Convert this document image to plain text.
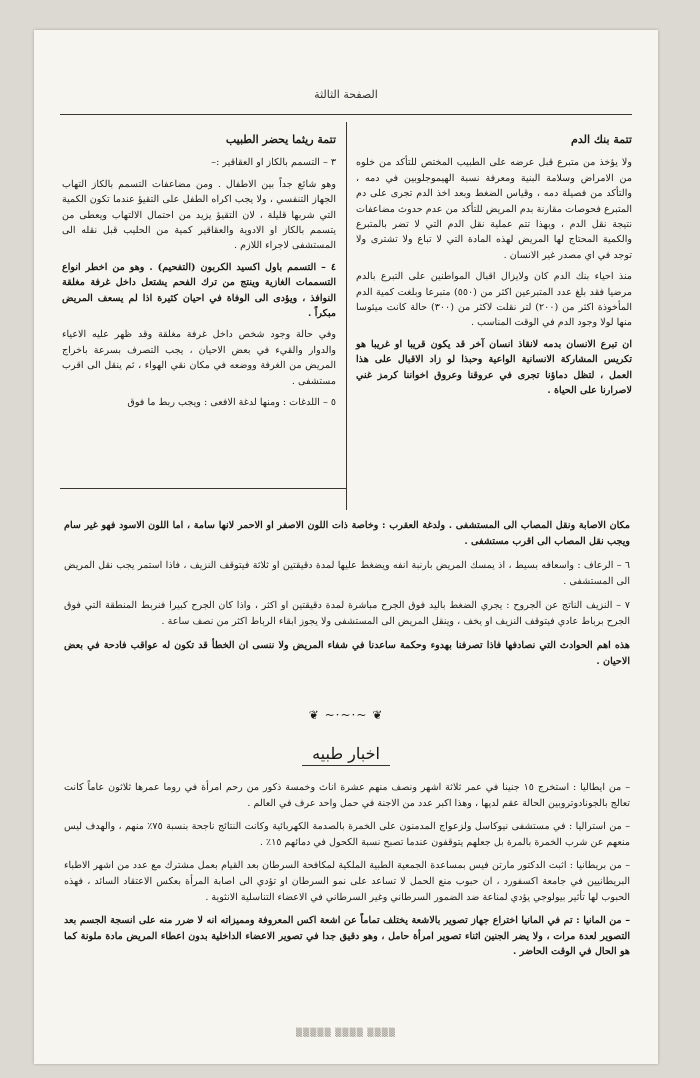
الصفحة الثالثة
تتمة بنك الدم

ولا يؤخذ من متبرع قبل عرضه على الطبيب المختص للتأكد من خلوه من الامراض وسلامة البنية ومعرفة نسبة الهيموجلوبين في دمه ، والتأكد من فصيلة دمه ، وقياس الضغط وبعد اخذ الدم تجرى على دم المتبرع فحوصات مقارنة بدم المريض للتأكد من عدم حدوث مضاعفات نتيجة نقل الدم ، وبهذا تتم عملية نقل الدم التي لا تضر بالمتبرع والكمية المحتاج لها المريض لهذه المادة التي لا تباع ولا تشترى ولا توجد في اي مصدر غير الانسان .

منذ احياء بنك الدم كان ولايزال اقبال المواطنين على التبرع بالدم مرضيا فقد بلغ عدد المتبرعين اكثر من (٥٥٠) متبرعا وبلغت كمية الدم المأخوذة اكثر من (٢٠٠) لتر نقلت لاكثر من (٣٠٠) حالة كانت ميئوسا منها لولا وجود الدم في الوقت المناسب .

ان تبرع الانسان بدمه لانقاذ انسان آخر قد يكون قريبا او غريبا هو تكريس المشاركة الانسانية الواعية وحبذا لو زاد الاقبال على هذا العمل ، لتظل دماؤنا تجرى في عروقنا وعروق اخواننا كرمز غني لاصرارنا على الحياة .

تتمة ريثما يحضر الطبيب

٣ – التسمم بالكاز او العقاقير :–

وهو شائع جداً بين الاطفال . ومن مضاعفات التسمم بالكاز التهاب الجهاز التنفسي ، ولا يجب اكراه الطفل على التقيؤ عندما تكون الكمية التي شربها قليلة ، لان التقيؤ يزيد من احتمال الالتهاب ويعطى من يتسمم بالكاز او الادوية والعقاقير كمية من الحليب قبل نقله الى المستشفى لاجراء اللازم .

٤ – التسمم باول اكسيد الكربون (التفحيم) . وهو من اخطر انواع التسممات الغازية وينتج من ترك الفحم يشتعل داخل غرفة مغلقة النوافذ ، ويؤدى الى الوفاة في احيان كثيرة اذا لم يسعف المريض مبكراً .

وفي حالة وجود شخص داخل غرفة مغلقة وقد ظهر عليه الاعياء والدوار والقيء في بعض الاحيان ، يجب التصرف بسرعة باخراج المريض من الغرفة ووضعه في مكان نقي الهواء ، ثم ينقل الى اقرب مستشفى .

٥ – اللدغات : ومنها لدغة الافعى : ويجب ربط ما فوق

مكان الاصابة ونقل المصاب الى المستشفى . ولدغة العقرب : وخاصة ذات اللون الاصفر او الاحمر لانها سامة ، اما اللون الاسود فهو غير سام ويجب نقل المصاب الى اقرب مستشفى .

٦ – الرعاف : واسعافه بسيط ، اذ يمسك المريض بارنبة انفه ويضغط عليها لمدة دقيقتين او ثلاثة فيتوقف النزيف ، فاذا استمر يجب نقل المريض الى المستشفى .

٧ – النزيف الناتج عن الجروح : يجري الضغط باليد فوق الجرح مباشرة لمدة دقيقتين او اكثر ، واذا كان الجرح كبيرا فنربط المنطقة التي فوق الجرح برباط عادي فيتوقف النزيف او يخف ، وينقل المريض الى المستشفى ولا يجوز ابقاء الرباط اكثر من نصف ساعة .

هذه اهم الحوادث التي نصادفها فاذا تصرفنا بهدوء وحكمة ساعدنا في شفاء المريض ولا ننسى ان الخطأ قد تكون له عواقب فادحة في بعض الاحيان .

❦ ~·~·~ ❦
اخبار طبيه

– من ايطاليا : استخرج ١٥ جنينا في عمر ثلاثة اشهر ونصف منهم عشرة اناث وخمسة ذكور من رحم امرأة في روما عمرها ثلاثون عاماً كانت تعالج بالجونادوتروبين الحالة عقم لديها ، وهذا اكبر عدد من الاجنة في حمل واحد عرف في العالم .

– من استراليا : في مستشفى نيوكاسل ولزعواج المدمنون على الخمرة بالصدمة الكهربائية وكانت النتائج ناجحة بنسبة ٧٥٪ منهم ، والهدف ليس منعهم عن شرب الخمرة بالمرة بل جعلهم يتوقفون عندما تصبح نسبة الكحول في دمائهم ١٥٪ .

– من بريطانيا : اثبت الدكتور مارتن فيس بمساعدة الجمعية الطبية الملكية لمكافحة السرطان بعد القيام بعمل مشترك مع عدد من اشهر الاطباء البريطانيين في جامعة اكسفورد ، ان حبوب منع الحمل لا تساعد على نمو السرطان او تؤدي الى اصابة المرأة بعكس الاعتقاد السائد ، فهذه الحبوب لها تأثير بيولوجي يؤدي لمناعة ضد الضمور السرطاني وغير السرطاني في الاعضاء التناسلية الانثوية .

– من المانيا : تم في المانيا اختراع جهاز تصوير بالاشعة يختلف تماماً عن اشعة اكس المعروفة ومميزاته انه لا ضرر منه على انسجة الجسم بعد التصوير لعدة مرات ، ولا يضر الجنين اثناء تصوير امرأة حامل ، وهو دقيق جدا في تصوير الاعضاء الداخلية بدون اعطاء المريض مادة ملونة كما هو الحال في الوقت الحاضر .

▒▒▒▒▒ ▒▒▒▒ ▒▒▒▒
